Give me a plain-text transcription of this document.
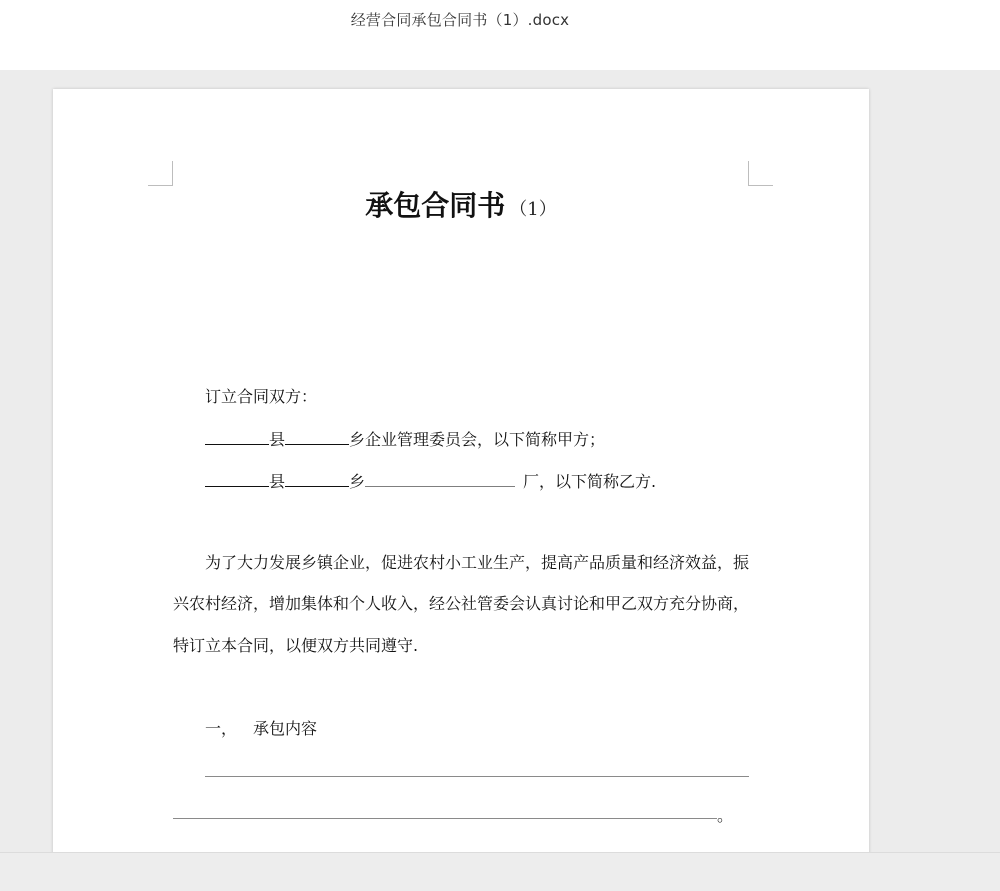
经营合同承包合同书（1）.docx
承包合同书 （1）
订立合同双方：
县	乡企业管理委员会，以下简称甲方；
县	乡	厂，以下简称乙方.
为了大力发展乡镇企业，促进农村小工业生产，提高产品质量和经济效益，振
兴农村经济，增加集体和个人收入，经公社管委会认真讨论和甲乙双方充分协商，
特订立本合同，以便双方共同遵守.
一， 承包内容
。
